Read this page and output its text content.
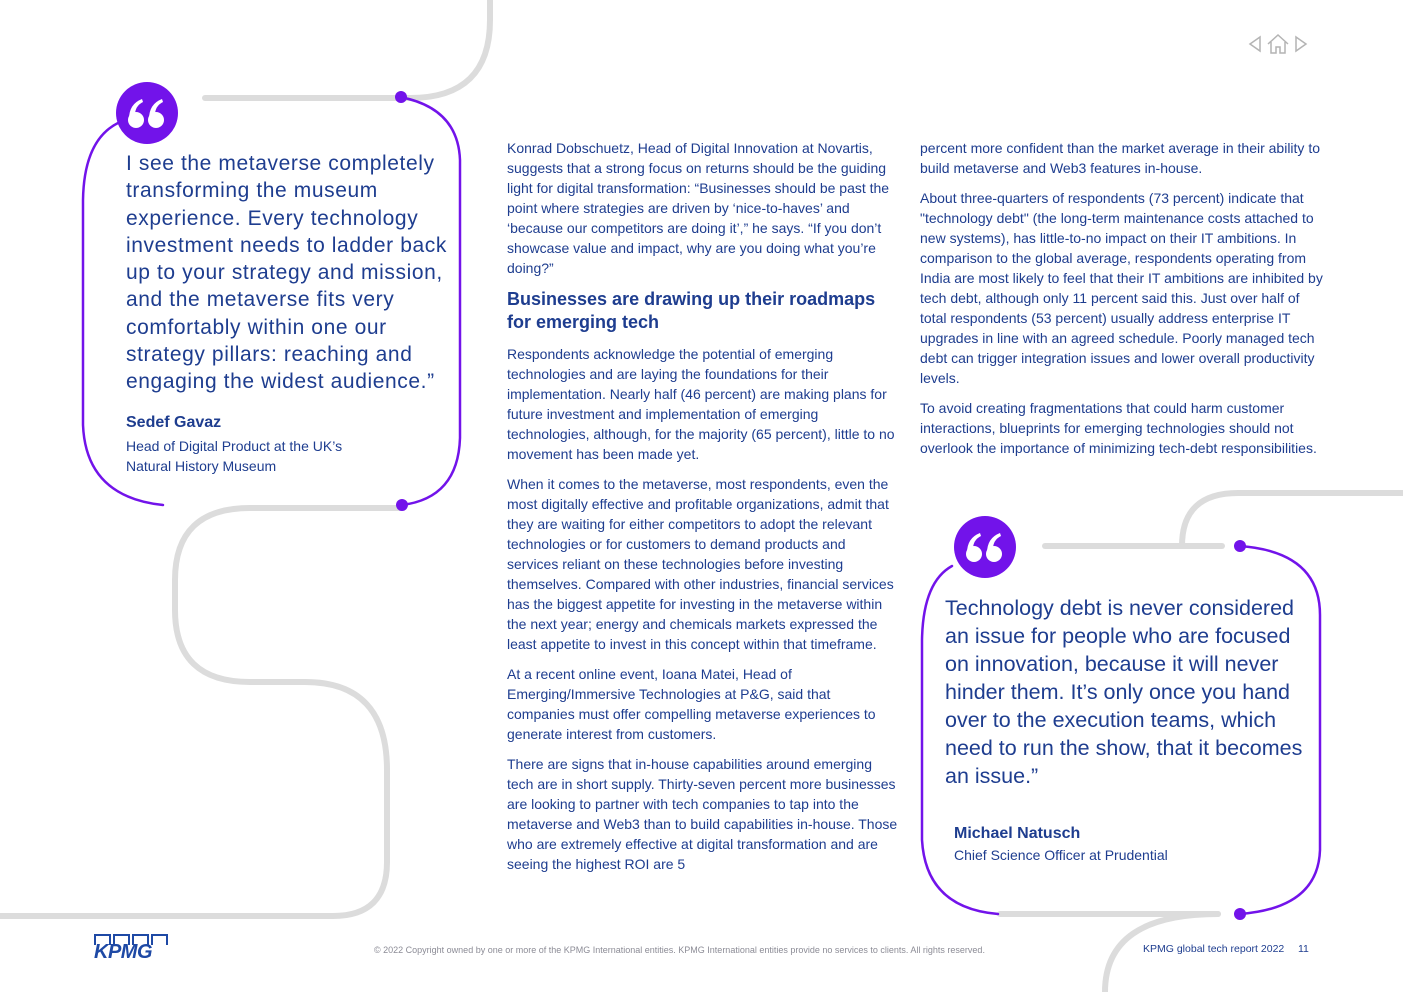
I see the metaverse completely transforming the museum experience. Every technology investment needs to ladder back up to your strategy and mission, and the metaverse fits very comfortably within one our strategy pillars: reaching and engaging the widest audience.”
Sedef Gavaz
Head of Digital Product at the UK’s
Natural History Museum

Konrad Dobschuetz, Head of Digital Innovation at Novartis, suggests that a strong focus on returns should be the guiding light for digital transformation: “Businesses should be past the point where strategies are driven by ‘nice-to-haves’ and ‘because our competitors are doing it’,” he says. “If you don’t showcase value and impact, why are you doing what you’re doing?”

Businesses are drawing up their roadmaps for emerging tech

Respondents acknowledge the potential of emerging technologies and are laying the foundations for their implementation. Nearly half (46 percent) are making plans for future investment and implementation of emerging technologies, although, for the majority (65 percent), little to no movement has been made yet.

When it comes to the metaverse, most respondents, even the most digitally effective and profitable organizations, admit that they are waiting for either competitors to adopt the relevant technologies or for customers to demand products and services reliant on these technologies before investing themselves. Compared with other industries, financial services has the biggest appetite for investing in the metaverse within the next year; energy and chemicals markets expressed the least appetite to invest in this concept within that timeframe.

At a recent online event, Ioana Matei, Head of Emerging/Immersive Technologies at P&G, said that companies must offer compelling metaverse experiences to generate interest from customers.

There are signs that in-house capabilities around emerging tech are in short supply. Thirty-seven percent more businesses are looking to partner with tech companies to tap into the metaverse and Web3 than to build capabilities in-house. Those who are extremely effective at digital transformation and are seeing the highest ROI are 5

percent more confident than the market average in their ability to build metaverse and Web3 features in-house.

About three-quarters of respondents (73 percent) indicate that "technology debt" (the long-term maintenance costs attached to new systems), has little-to-no impact on their IT ambitions. In comparison to the global average, respondents operating from India are most likely to feel that their IT ambitions are inhibited by tech debt, although only 11 percent said this. Just over half of total respondents (53 percent) usually address enterprise IT upgrades in line with an agreed schedule. Poorly managed tech debt can trigger integration issues and lower overall productivity levels.

To avoid creating fragmentations that could harm customer interactions, blueprints for emerging technologies should not overlook the importance of minimizing tech-debt responsibilities.

Technology debt is never considered an issue for people who are focused on innovation, because it will never hinder them. It’s only once you hand over to the execution teams, which need to run the show, that it becomes an issue.”
Michael Natusch
Chief Science Officer at Prudential
KPMG	© 2022 Copyright owned by one or more of the KPMG International entities. KPMG International entities provide no services to clients. All rights reserved.	KPMG global tech report 2022 11
